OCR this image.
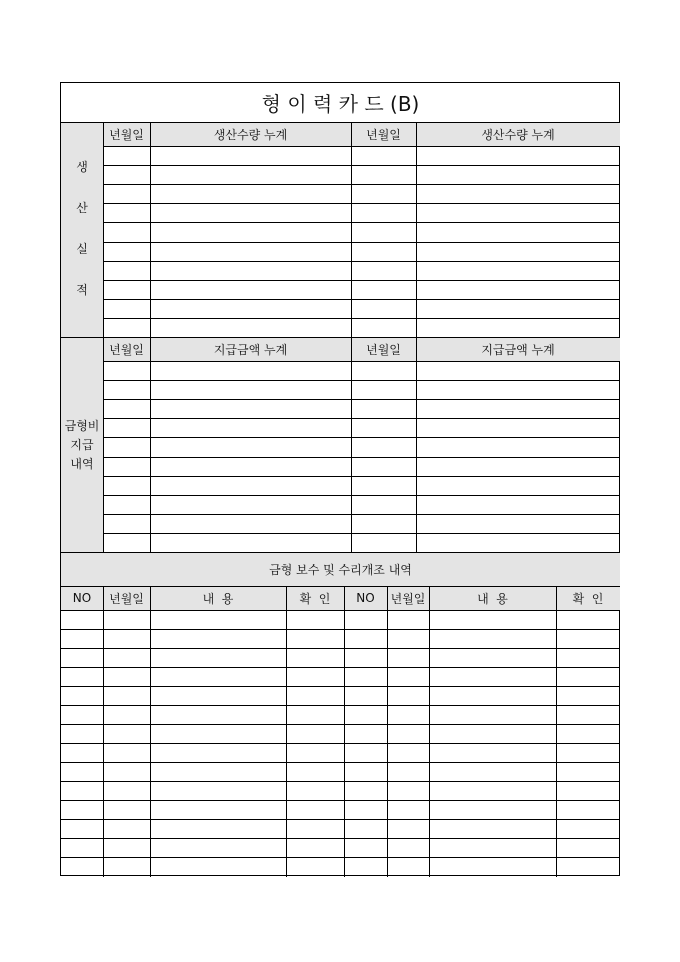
형 이 력 카 드 (B)
년월일	생산수량 누계	년월일	생산수량 누계
생
산
실
적
년월일	지급금액 누계	년월일	지급금액 누계
금형비
지급
내역
금형 보수 및 수리개조 내역
NO	년월일	내  용	확  인	NO	년월일	내  용	확  인
